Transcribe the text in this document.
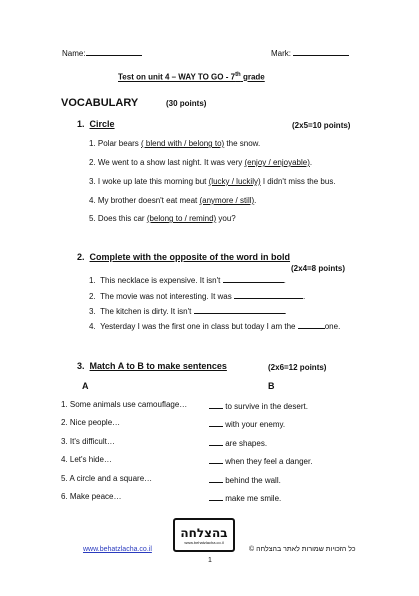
Name:	Mark:
Test on unit 4 – WAY TO GO - 7th grade
VOCABULARY	(30 points)
1. Circle	(2x5=10 points)
1. Polar bears ( blend with / belong to) the snow.
2. We went to a show last night. It was very (enjoy / enjoyable).
3. I woke up late this morning but (lucky / luckily) I didn't miss the bus.
4. My brother doesn't eat meat (anymore / still).
5. Does this car (belong to / remind) you?
2. Complete with the opposite of the word in bold
(2x4=8 points)
1. This necklace is expensive. It isn't	.
2. The movie was not interesting. It was	.
3. The kitchen is dirty. It isn't	.
4. Yesterday I was the first one in class but today I am the	one.
3. Match A to B to make sentences	(2x6=12 points)
A	B
1. Some animals use camouflage…	to survive in the desert.
2. Nice people…	with your enemy.
3. It's difficult…	are shapes.
4. Let's hide…	when they feel a danger.
5. A circle and a square…	behind the wall.
6. Make peace…	make me smile.
בהצלחה
www.behatzlacha.co.il
www.behatzlacha.co.il	כל הזכויות שמורות לאתר בהצלחה ©
1
